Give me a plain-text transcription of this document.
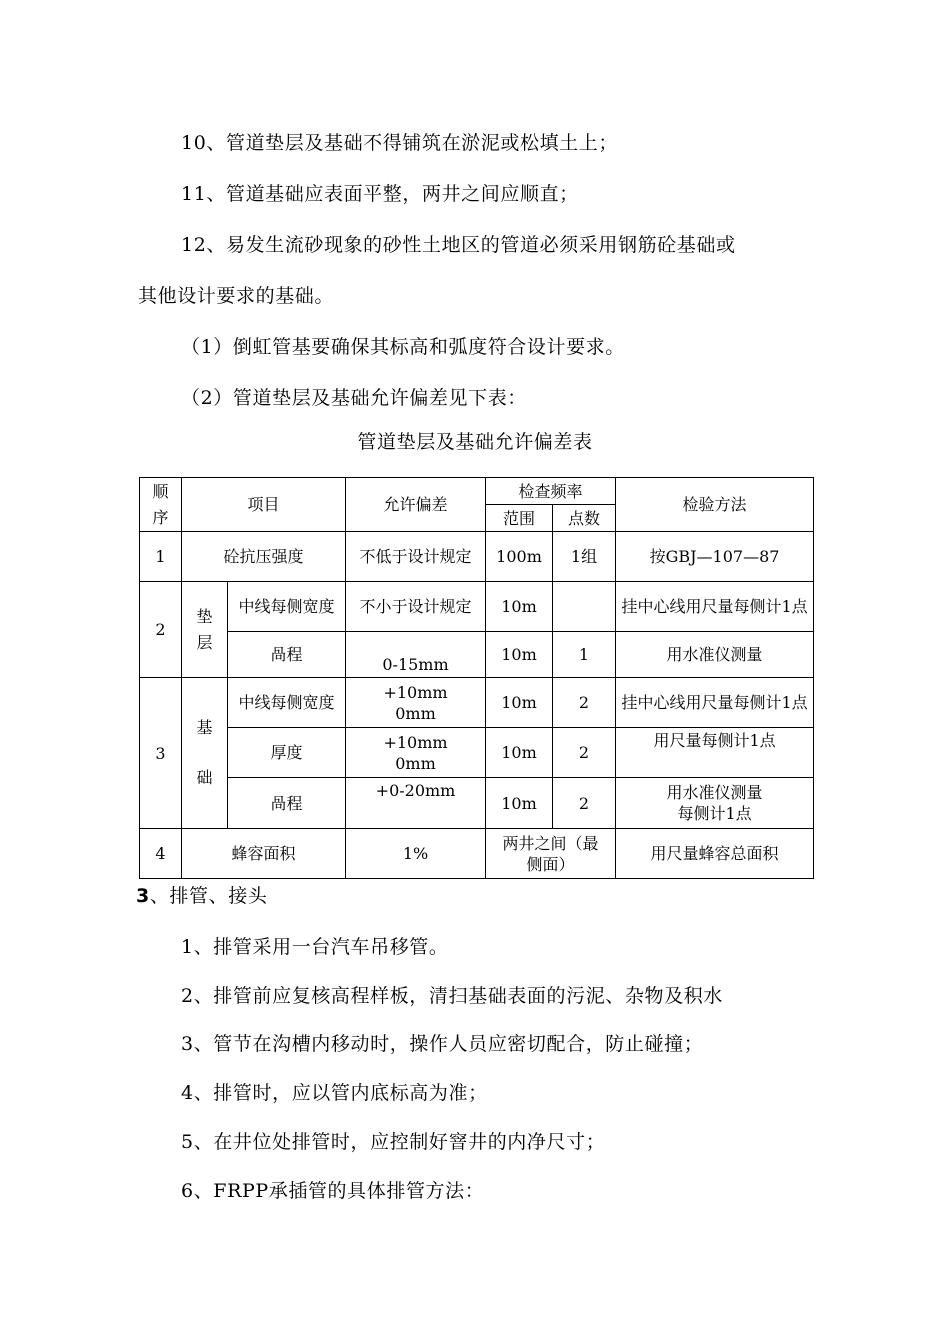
10、管道垫层及基础不得铺筑在淤泥或松填土上；
11、管道基础应表面平整，两井之间应顺直；
12、易发生流砂现象的砂性土地区的管道必须采用钢筋砼基础或
其他设计要求的基础。
（1）倒虹管基要确保其标高和弧度符合设计要求。
（2）管道垫层及基础允许偏差见下表：
管道垫层及基础允许偏差表
顺序	项目		允许偏差	检查频率		检验方法
				范围	点数	
1	砼抗压强度		不低于设计规定	100m	1组	按GBJ—107—87
2	垫层	中线每侧宽度	不小于设计规定	10m		挂中心线用尺量每侧计1点
		咼程	0-15mm	10m	1	用水准仪测量
3	基础	中线每侧宽度	+10mm
0mm	10m	2	挂中心线用尺量每侧计1点
		厚度	+10mm
0mm	10m	2	用尺量每侧计1点
		咼程	+0-20mm	10m	2	用水准仪测量
每侧计1点

4	蜂容面积		1%	两井之间（最侧面）		用尺量蜂容总面积
3、排管、接头
1、排管采用一台汽车吊移管。
2、排管前应复核高程样板，清扫基础表面的污泥、杂物及积水
3、管节在沟槽内移动时，操作人员应密切配合，防止碰撞；
4、排管时，应以管内底标高为准；
5、在井位处排管时，应控制好窨井的内净尺寸；
6、FRPP承插管的具体排管方法：
